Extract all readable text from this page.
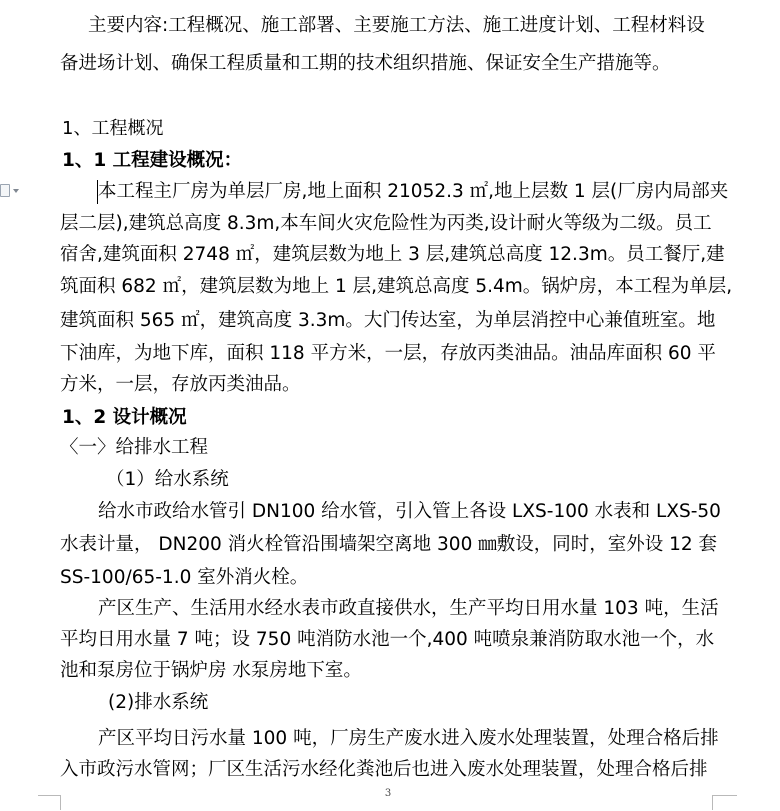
主要内容:工程概况、施工部署、主要施工方法、施工进度计划、工程材料设
备进场计划、确保工程质量和工期的技术组织措施、保证安全生产措施等。
1、工程概况
1、1 工程建设概况：
本工程主厂房为单层厂房,地上面积 21052.3 ㎡,地上层数 1 层(厂房内局部夹
层二层),建筑总高度 8.3m,本车间火灾危险性为丙类,设计耐火等级为二级。员工
宿舍,建筑面积 2748 ㎡，建筑层数为地上 3 层,建筑总高度 12.3m。员工餐厅,建
筑面积 682 ㎡，建筑层数为地上 1 层,建筑总高度 5.4m。锅炉房，本工程为单层,
建筑面积 565 ㎡，建筑高度 3.3m。大门传达室，为单层消控中心兼值班室。地
下油库，为地下库，面积 118 平方米，一层，存放丙类油品。油品库面积 60 平
方米，一层，存放丙类油品。
1、2 设计概况
〈一〉给排水工程
（1）给水系统
给水市政给水管引 DN100 给水管，引入管上各设 LXS-100 水表和 LXS-50
水表计量， DN200 消火栓管沿围墙架空离地 300 ㎜敷设，同时，室外设 12 套
SS-100/65-1.0 室外消火栓。
产区生产、生活用水经水表市政直接供水，生产平均日用水量 103 吨，生活
平均日用水量 7 吨；设 750 吨消防水池一个,400 吨喷泉兼消防取水池一个，水
池和泵房位于锅炉房 水泵房地下室。
(2)排水系统
产区平均日污水量 100 吨，厂房生产废水进入废水处理装置，处理合格后排
入市政污水管网；厂区生活污水经化粪池后也进入废水处理装置，处理合格后排
3
